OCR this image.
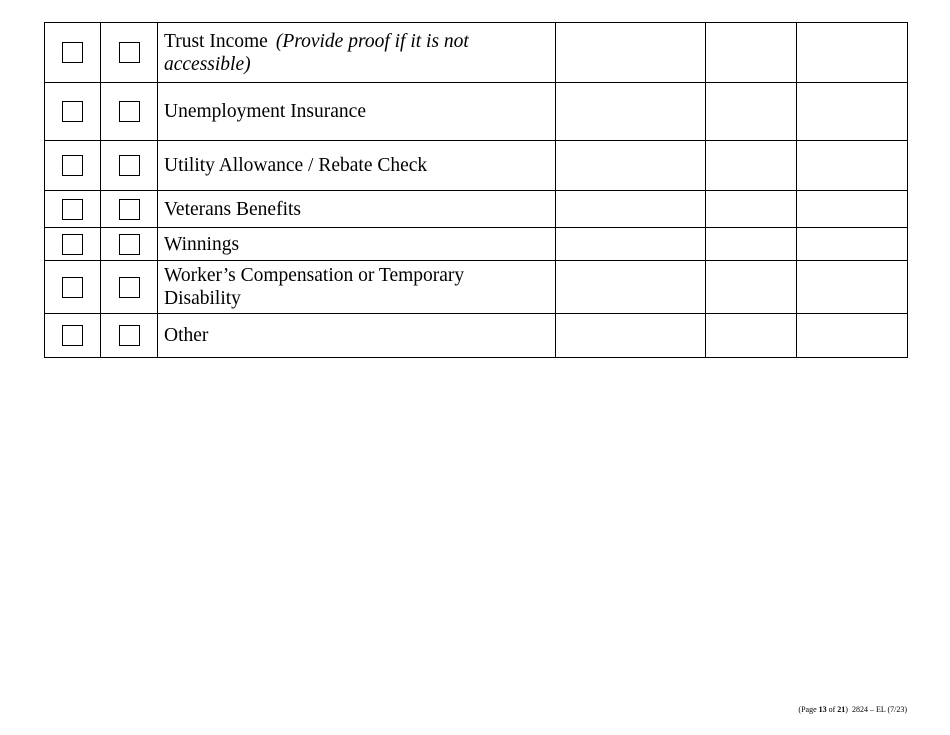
		Trust Income (Provide proof if it is not
accessible)			

		Unemployment Insurance			
		Utility Allowance / Rebate Check			
		Veterans Benefits			
		Winnings			
		Worker’s Compensation or Temporary
Disability			

		Other			
(Page 13 of 21)  2824 – EL (7/23)
